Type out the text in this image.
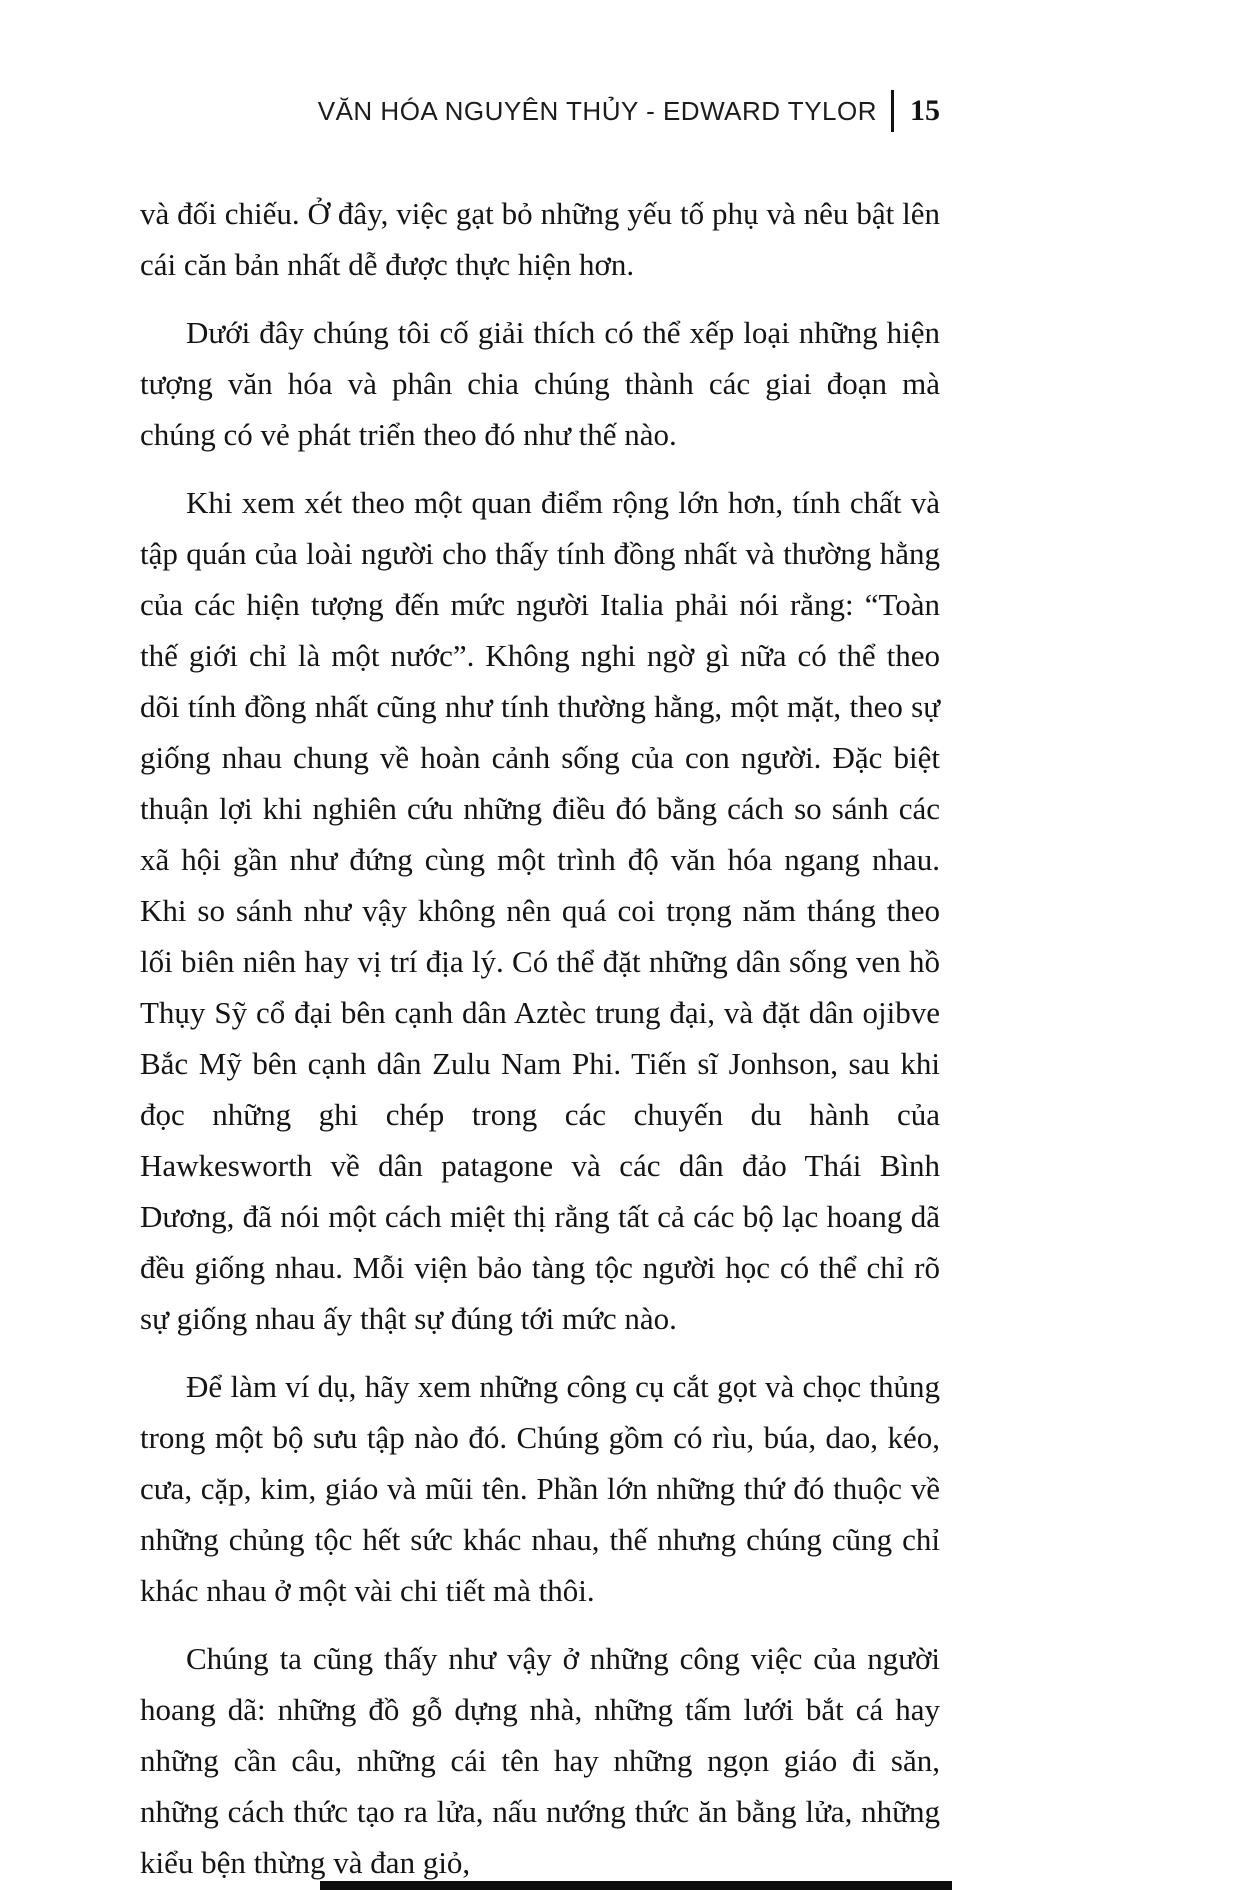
VĂN HÓA NGUYÊN THỦY - EDWARD TYLOR 15

và đối chiếu. Ở đây, việc gạt bỏ những yếu tố phụ và nêu bật lên cái căn bản nhất dễ được thực hiện hơn.

Dưới đây chúng tôi cố giải thích có thể xếp loại những hiện tượng văn hóa và phân chia chúng thành các giai đoạn mà chúng có vẻ phát triển theo đó như thế nào.

Khi xem xét theo một quan điểm rộng lớn hơn, tính chất và tập quán của loài người cho thấy tính đồng nhất và thường hằng của các hiện tượng đến mức người Italia phải nói rằng: “Toàn thế giới chỉ là một nước”. Không nghi ngờ gì nữa có thể theo dõi tính đồng nhất cũng như tính thường hằng, một mặt, theo sự giống nhau chung về hoàn cảnh sống của con người. Đặc biệt thuận lợi khi nghiên cứu những điều đó bằng cách so sánh các xã hội gần như đứng cùng một trình độ văn hóa ngang nhau. Khi so sánh như vậy không nên quá coi trọng năm tháng theo lối biên niên hay vị trí địa lý. Có thể đặt những dân sống ven hồ Thụy Sỹ cổ đại bên cạnh dân Aztèc trung đại, và đặt dân ojibve Bắc Mỹ bên cạnh dân Zulu Nam Phi. Tiến sĩ Jonhson, sau khi đọc những ghi chép trong các chuyến du hành của Hawkesworth về dân patagone và các dân đảo Thái Bình Dương, đã nói một cách miệt thị rằng tất cả các bộ lạc hoang dã đều giống nhau. Mỗi viện bảo tàng tộc người học có thể chỉ rõ sự giống nhau ấy thật sự đúng tới mức nào.

Để làm ví dụ, hãy xem những công cụ cắt gọt và chọc thủng trong một bộ sưu tập nào đó. Chúng gồm có rìu, búa, dao, kéo, cưa, cặp, kim, giáo và mũi tên. Phần lớn những thứ đó thuộc về những chủng tộc hết sức khác nhau, thế nhưng chúng cũng chỉ khác nhau ở một vài chi tiết mà thôi.

Chúng ta cũng thấy như vậy ở những công việc của người hoang dã: những đồ gỗ dựng nhà, những tấm lưới bắt cá hay những cần câu, những cái tên hay những ngọn giáo đi săn, những cách thức tạo ra lửa, nấu nướng thức ăn bằng lửa, những kiểu bện thừng và đan giỏ,
